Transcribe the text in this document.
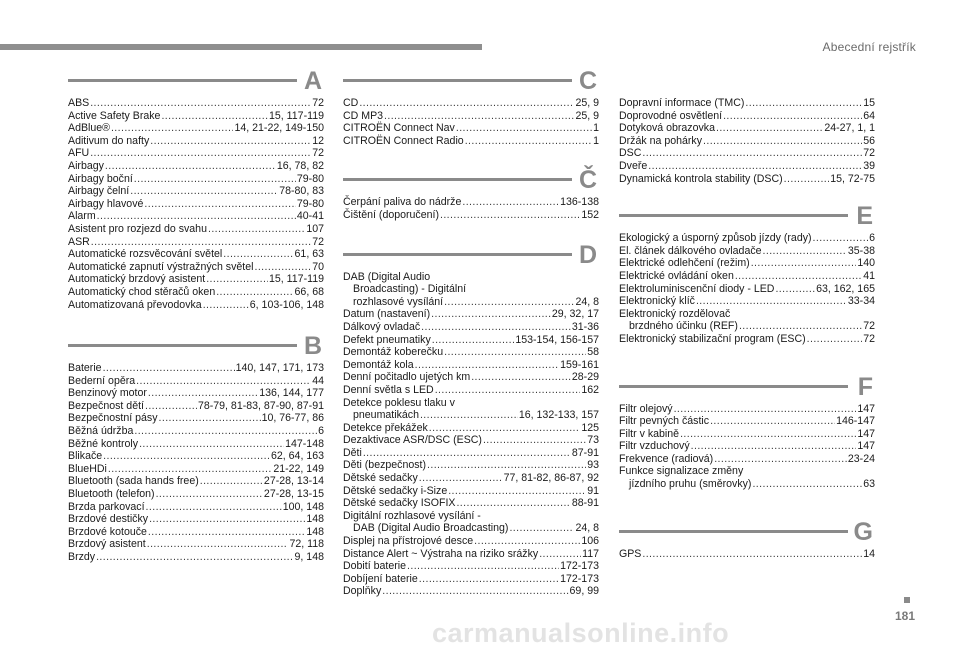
Abecední rejstřík
A
ABS .....	72
Active Safety Brake .....	15, 117-119
AdBlue® .....	14, 21-22, 149-150
Aditivum do nafty .....	12
AFU .....	72
Airbagy .....	16, 78, 82
Airbagy boční .....	79-80
Airbagy čelní .....	78-80, 83
Airbagy hlavové .....	79-80
Alarm .....	40-41
Asistent pro rozjezd do svahu .....	107
ASR .....	72
Automatické rozsvěcování světel .....	61, 63
Automatické zapnutí výstražných světel .....	70
Automatický brzdový asistent .....	15, 117-119
Automatický chod stěračů oken .....	66, 68
Automatizovaná převodovka .....	6, 103-106, 148
B
Baterie .....	140, 147, 171, 173
Bederní opěra .....	44
Benzinový motor .....	136, 144, 177
Bezpečnost dětí .....	78-79, 81-83, 87-90, 87-91
Bezpečnostní pásy .....	10, 76-77, 86
Běžná údržba .....	6
Běžné kontroly .....	147-148
Blikače .....	62, 64, 163
BlueHDi .....	21-22, 149
Bluetooth (sada hands free) .....	27-28, 13-14
Bluetooth (telefon) .....	27-28, 13-15
Brzda parkovací .....	100, 148
Brzdové destičky .....	148
Brzdové kotouče .....	148
Brzdový asistent .....	72, 118
Brzdy .....	9, 148
C
CD .....	25, 9
CD MP3 .....	25, 9
CITROËN Connect Nav .....	1
CITROËN Connect Radio .....	1
Č
Čerpání paliva do nádrže .....	136-138
Čištění (doporučení) .....	152
D
DAB (Digital Audio
Broadcasting) - Digitální
rozhlasové vysílání .....	24, 8
Datum (nastavení) .....	29, 32, 17
Dálkový ovladač .....	31-36
Defekt pneumatiky .....	153-154, 156-157
Demontáž koberečku .....	58
Demontáž kola .....	159-161
Denní počitadlo ujetých km .....	28-29
Denní světla s LED .....	162
Detekce poklesu tlaku v
pneumatikách .....	16, 132-133, 157
Detekce překážek .....	125
Dezaktivace ASR/DSC (ESC) .....	73
Děti .....	87-91
Děti (bezpečnost) .....	93
Dětské sedačky .....	77, 81-82, 86-87, 92
Dětské sedačky i-Size .....	91
Dětské sedačky ISOFIX .....	88-91
Digitální rozhlasové vysílání -
DAB (Digital Audio Broadcasting) .....	24, 8
Displej na přístrojové desce .....	106
Distance Alert ~ Výstraha na riziko srážky .....	117
Dobití baterie .....	172-173
Dobíjení baterie .....	172-173
Doplňky .....	69, 99
Dopravní informace (TMC) .....	15
Doprovodné osvětlení .....	64
Dotyková obrazovka .....	24-27, 1, 1
Držák na pohárky .....	56
DSC .....	72
Dveře .....	39
Dynamická kontrola stability (DSC) .....	15, 72-75
E
Ekologický a úsporný způsob jízdy (rady) .....	6
El. článek dálkového ovladače .....	35-38
Elektrické odlehčení (režim) .....	140
Elektrické ovládání oken .....	41
Elektroluminiscenční diody - LED .....	63, 162, 165
Elektronický klíč .....	33-34
Elektronický rozdělovač
brzdného účinku (REF) .....	72
Elektronický stabilizační program (ESC) .....	72
F
Filtr olejový .....	147
Filtr pevných částic .....	146-147
Filtr v kabině .....	147
Filtr vzduchový .....	147
Frekvence (radiová) .....	23-24
Funkce signalizace změny
jízdního pruhu (směrovky) .....	63
G
GPS .....	14
181
carmanualsonline.info
